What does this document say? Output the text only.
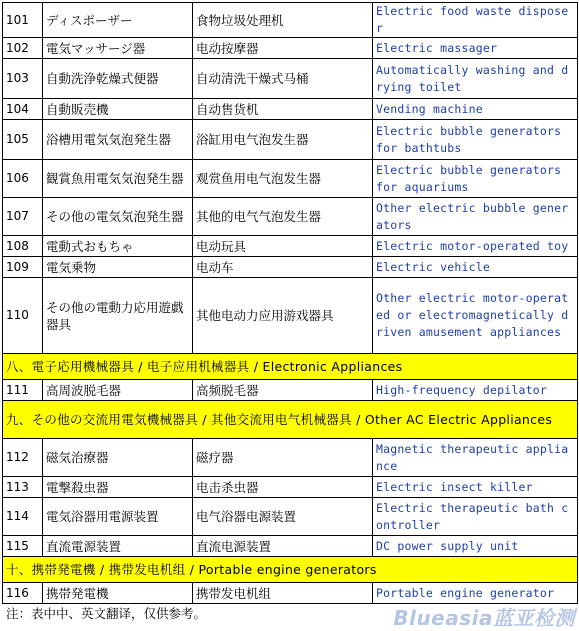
101	ディスポーザー	食物垃圾处理机	Electric food waste disposer
102	電気マッサージ器	电动按摩器	Electric massager
103	自動洗浄乾燥式便器	自动清洗干燥式马桶	Automatically washing and drying toilet
104	自動販売機	自动售货机	Vending machine
105	浴槽用電気気泡発生器	浴缸用电气泡发生器	Electric bubble generators for bathtubs
106	観賞魚用電気気泡発生器	观赏鱼用电气泡发生器	Electric bubble generators for aquariums
107	その他の電気気泡発生器	其他的电气气泡发生器	Other electric bubble generators
108	電動式おもちゃ	电动玩具	Electric motor-operated toy
109	電気乗物	电动车	Electric vehicle
110	その他の電動力応用遊戯器具	其他电动力应用游戏器具	Other electric motor-operated or electromagnetically driven amusement appliances
八、電子応用機械器具 / 电子应用机械器具 / Electronic Appliances			
111	高周波脱毛器	高频脱毛器	High-frequency depilator
九、その他の交流用電気機械器具 / 其他交流用电气机械器具 / Other AC Electric Appliances			
112	磁気治療器	磁疗器	Magnetic therapeutic appliance
113	電撃殺虫器	电击杀虫器	Electric insect killer
114	電気浴器用電源装置	电气浴器电源装置	Electric therapeutic bath controller
115	直流電源装置	直流电源装置	DC power supply unit
十、携帯発電機 / 携带发电机组 / Portable engine generators			
116	携帯発電機	携带发电机组	Portable engine generator
注：表中中、英文翻译，仅供参考。	Blueasia蓝亚检测
